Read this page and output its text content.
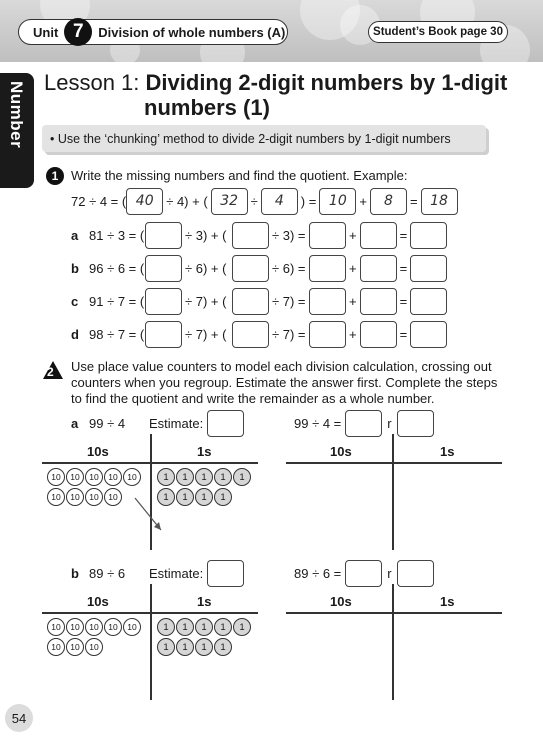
Unit 7	Division of whole numbers (A)	Student’s Book page 30
Number Lesson 1: Dividing 2-digit numbers by 1-digit
numbers (1)
• Use the ‘chunking’ method to divide 2-digit numbers by 1-digit numbers
1 Write the missing numbers and find the quotient. Example:
72 ÷ 4 = ( 40 ÷ 4) + ( 32 ÷	4	) = 10 +	8	= 18
a 81 ÷ 3 = (	÷ 3) + (	÷ 3) =	+	=
b 96 ÷ 6 = (	÷ 6) + (	÷ 6) =	+	=
c 91 ÷ 7 = (	÷ 7) + (	÷ 7) =	+	=
d 98 ÷ 7 = (	÷ 7) + (	÷ 7) =	+	=
2 Use place value counters to model each division calculation, crossing out
counters when you regroup. Estimate the answer first. Complete the steps
to find the quotient and write the remainder as a whole number.
a 99 ÷ 4	Estimate:	99 ÷ 4 =	r
10s	1s
10	10	10	10	10
10	10	10	10
1	1	1	1	1
1	1	1	1
10s	1s
b 89 ÷ 6	Estimate:	89 ÷ 6 =	r
10s	1s
10	10	10	10	10
10	10	10
1	1	1	1	1
1	1	1	1
10s	1s
54
